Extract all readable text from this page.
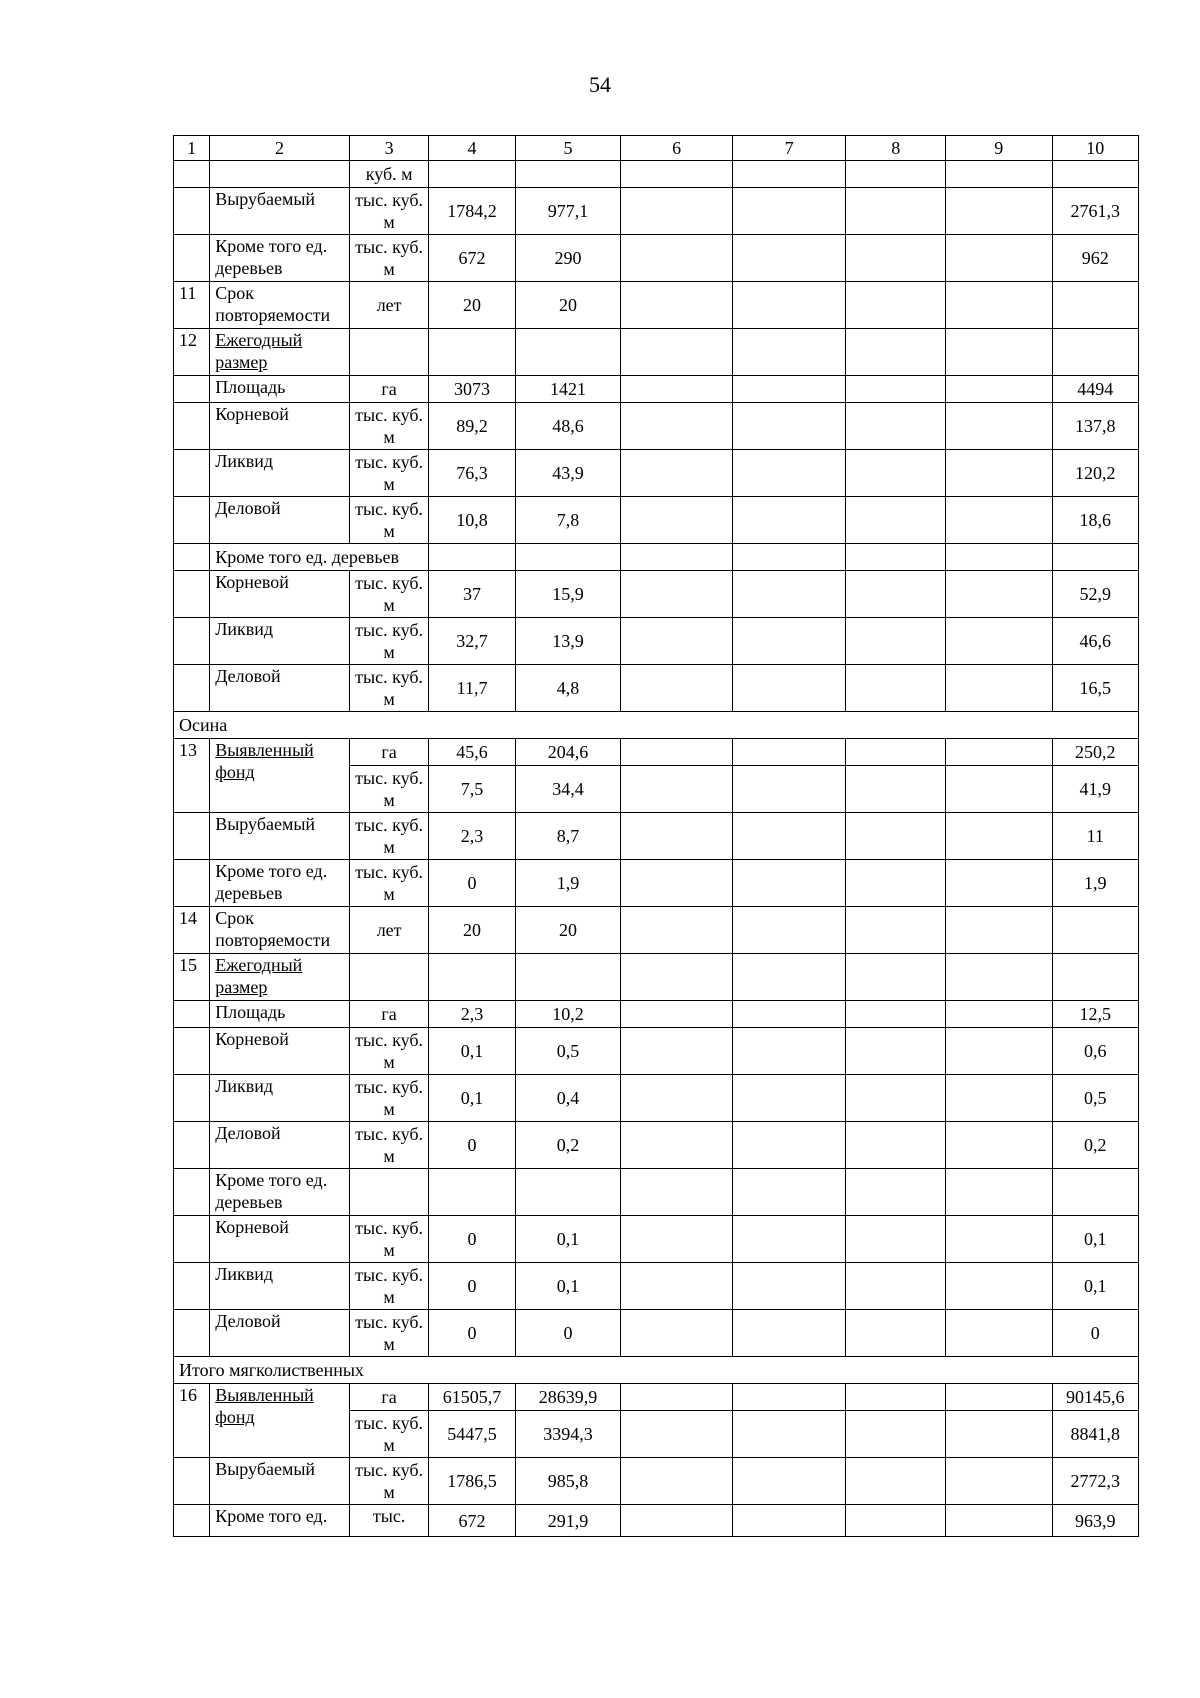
54
1	2	3	4	5	6	7	8	9	10
		куб. м							
	Вырубаемый	тыс. куб. м	1784,2	977,1					2761,3
	Кроме того ед. деревьев	тыс. куб. м	672	290					962
11	Срок повторяемости	лет	20	20					
12	Ежегодный размер								
	Площадь	га	3073	1421					4494
	Корневой	тыс. куб. м	89,2	48,6					137,8
	Ликвид	тыс. куб. м	76,3	43,9					120,2
	Деловой	тыс. куб. м	10,8	7,8					18,6
	Кроме того ед. деревьев								
	Корневой	тыс. куб. м	37	15,9					52,9
	Ликвид	тыс. куб. м	32,7	13,9					46,6
	Деловой	тыс. куб. м	11,7	4,8					16,5
Осина									
13	Выявленный фонд	га	45,6	204,6					250,2
		тыс. куб. м	7,5	34,4					41,9
	Вырубаемый	тыс. куб. м	2,3	8,7					11
	Кроме того ед. деревьев	тыс. куб. м	0	1,9					1,9
14	Срок повторяемости	лет	20	20					
15	Ежегодный размер								
	Площадь	га	2,3	10,2					12,5
	Корневой	тыс. куб. м	0,1	0,5					0,6
	Ликвид	тыс. куб. м	0,1	0,4					0,5
	Деловой	тыс. куб. м	0	0,2					0,2
	Кроме того ед. деревьев								
	Корневой	тыс. куб. м	0	0,1					0,1
	Ликвид	тыс. куб. м	0	0,1					0,1
	Деловой	тыс. куб. м	0	0					0
Итого мягколиственных									
16	Выявленный фонд	га	61505,7	28639,9					90145,6
		тыс. куб. м	5447,5	3394,3					8841,8
	Вырубаемый	тыс. куб. м	1786,5	985,8					2772,3
	Кроме того ед.	тыс.	672	291,9					963,9
